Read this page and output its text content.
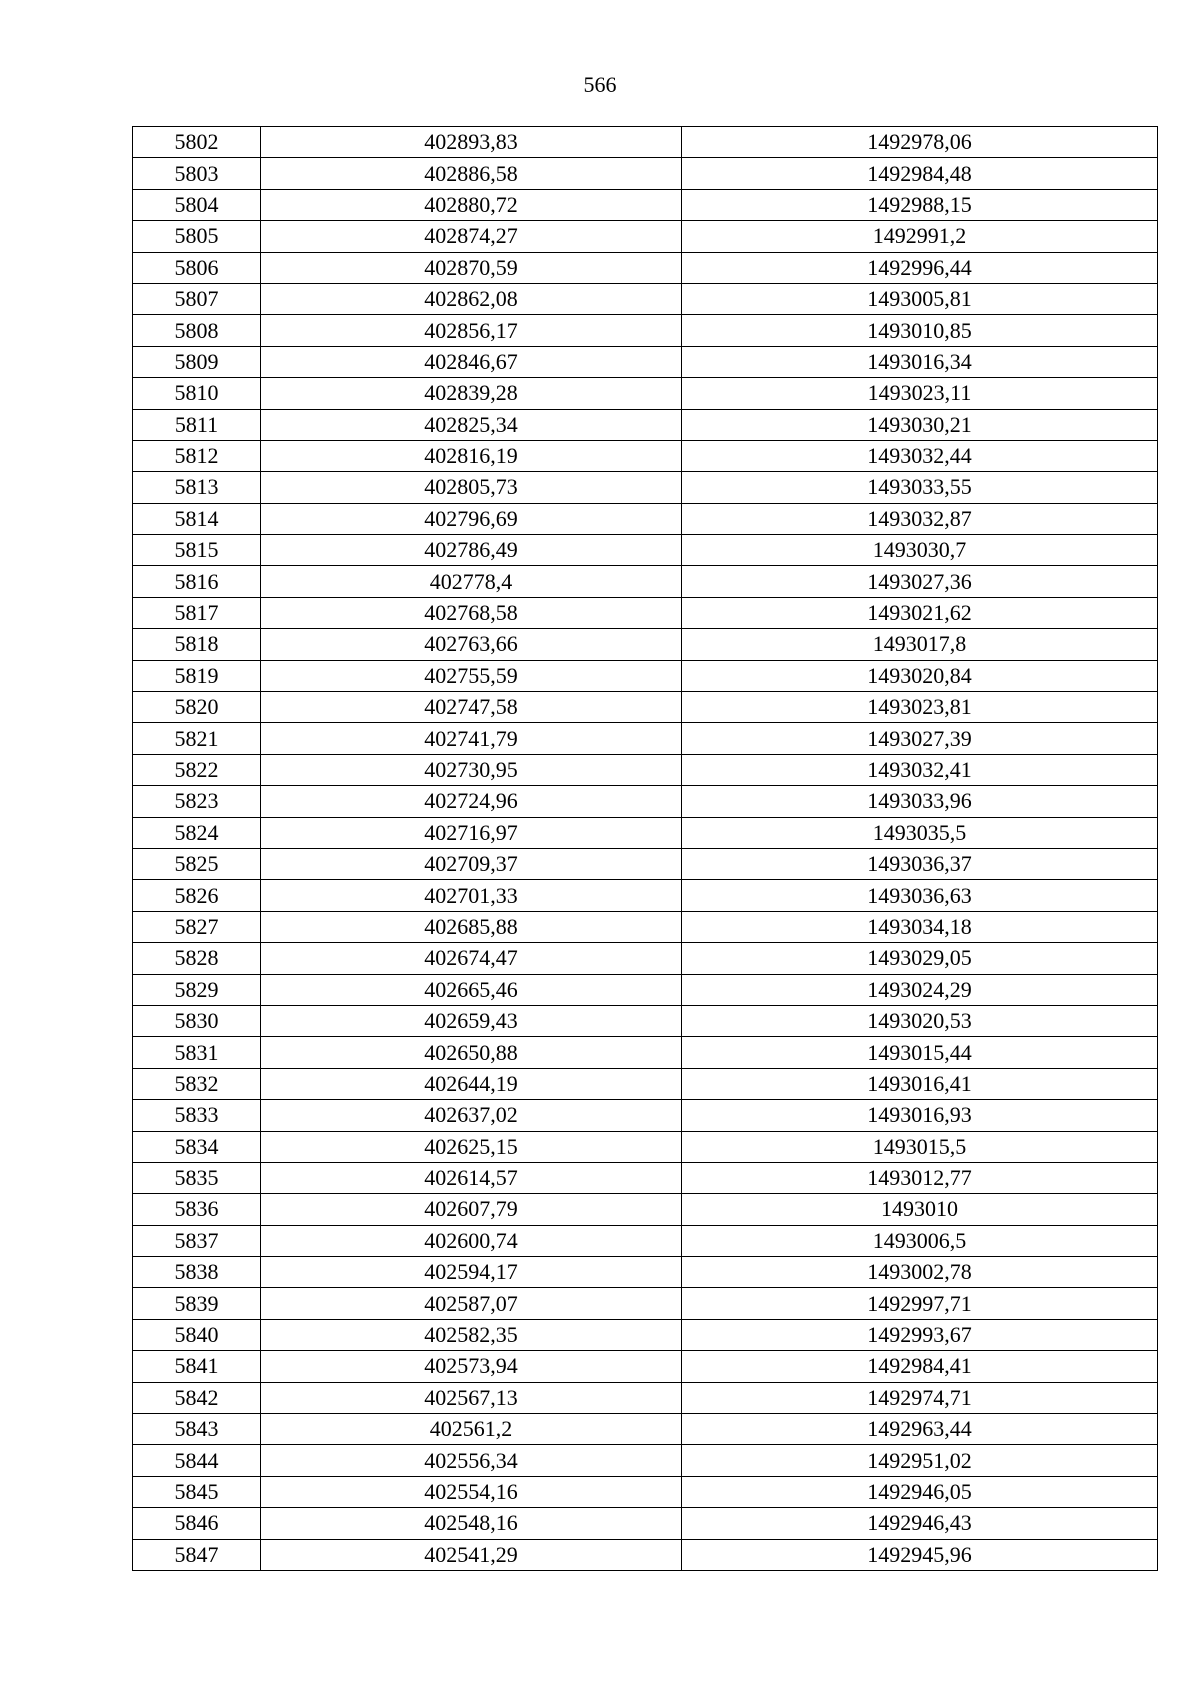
566
5802	402893,83	1492978,06
5803	402886,58	1492984,48
5804	402880,72	1492988,15
5805	402874,27	1492991,2
5806	402870,59	1492996,44
5807	402862,08	1493005,81
5808	402856,17	1493010,85
5809	402846,67	1493016,34
5810	402839,28	1493023,11
5811	402825,34	1493030,21
5812	402816,19	1493032,44
5813	402805,73	1493033,55
5814	402796,69	1493032,87
5815	402786,49	1493030,7
5816	402778,4	1493027,36
5817	402768,58	1493021,62
5818	402763,66	1493017,8
5819	402755,59	1493020,84
5820	402747,58	1493023,81
5821	402741,79	1493027,39
5822	402730,95	1493032,41
5823	402724,96	1493033,96
5824	402716,97	1493035,5
5825	402709,37	1493036,37
5826	402701,33	1493036,63
5827	402685,88	1493034,18
5828	402674,47	1493029,05
5829	402665,46	1493024,29
5830	402659,43	1493020,53
5831	402650,88	1493015,44
5832	402644,19	1493016,41
5833	402637,02	1493016,93
5834	402625,15	1493015,5
5835	402614,57	1493012,77
5836	402607,79	1493010
5837	402600,74	1493006,5
5838	402594,17	1493002,78
5839	402587,07	1492997,71
5840	402582,35	1492993,67
5841	402573,94	1492984,41
5842	402567,13	1492974,71
5843	402561,2	1492963,44
5844	402556,34	1492951,02
5845	402554,16	1492946,05
5846	402548,16	1492946,43
5847	402541,29	1492945,96
